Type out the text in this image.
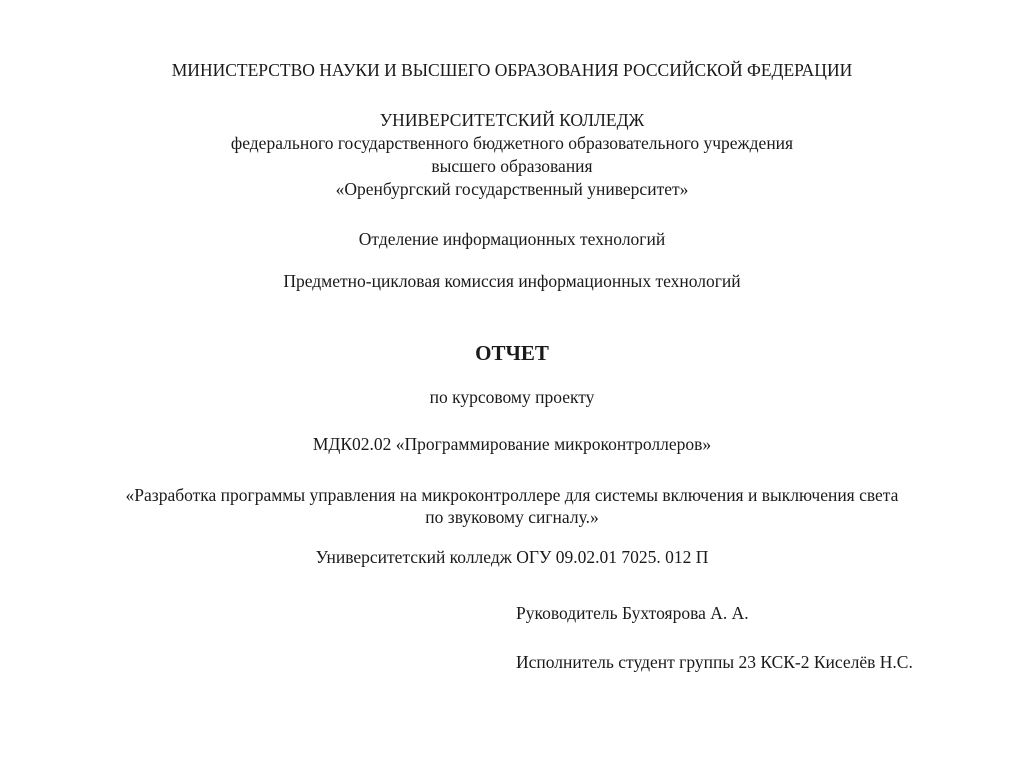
МИНИСТЕРСТВО НАУКИ И ВЫСШЕГО ОБРАЗОВАНИЯ РОССИЙСКОЙ ФЕДЕРАЦИИ
УНИВЕРСИТЕТСКИЙ КОЛЛЕДЖ
федерального государственного бюджетного образовательного учреждения
высшего образования
«Оренбургский государственный университет»
Отделение информационных технологий
Предметно-цикловая комиссия информационных технологий
ОТЧЕТ
по курсовому проекту
МДК02.02 «Программирование микроконтроллеров»
«Разработка программы управления на микроконтроллере для системы включения и выключения света
по звуковому сигналу.»
Университетский колледж ОГУ 09.02.01 7025. 012 П
Руководитель Бухтоярова А. А.
Исполнитель студент группы 23 КСК-2 Киселёв Н.С.
